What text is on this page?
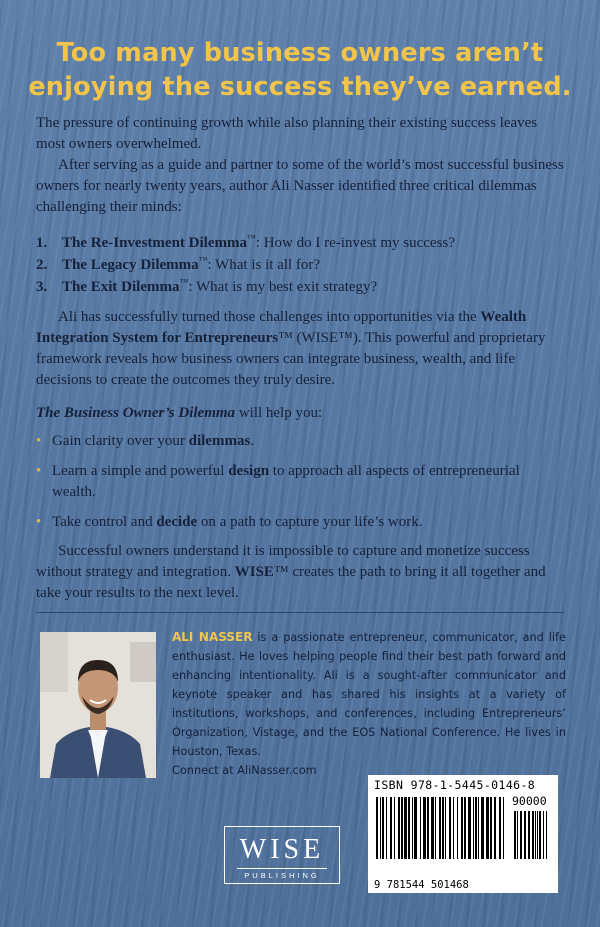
Too many business owners aren’t
enjoying the success they’ve earned.
The pressure of continuing growth while also planning their existing success leaves most owners overwhelmed.
After serving as a guide and partner to some of the world’s most successful business owners for nearly twenty years, author Ali Nasser identified three critical dilemmas challenging their minds:
1. The Re-Investment Dilemma™: How do I re-invest my success?
2. The Legacy Dilemma™: What is it all for?
3. The Exit Dilemma™: What is my best exit strategy?
Ali has successfully turned those challenges into opportunities via the Wealth Integration System for Entrepreneurs™ (WISE™). This powerful and proprietary framework reveals how business owners can integrate business, wealth, and life decisions to create the outcomes they truly desire.
The Business Owner’s Dilemma will help you:
• Gain clarity over your dilemmas.
• Learn a simple and powerful design to approach all aspects of entrepreneurial wealth.
• Take control and decide on a path to capture your life’s work.
Successful owners understand it is impossible to capture and monetize success without strategy and integration. WISE™ creates the path to bring it all together and take your results to the next level.
ALI NASSER is a passionate entrepreneur, communicator, and life enthusiast. He loves helping people find their best path forward and enhancing intentionality. Ali is a sought-after communicator and keynote speaker and has shared his insights at a variety of institutions, workshops, and conferences, including Entrepreneurs’ Organization, Vistage, and the EOS National Conference. He lives in Houston, Texas.
Connect at AliNasser.com
ISBN 978-1-5445-0146-8
90000
9 781544 501468
WISE
PUBLISHING
